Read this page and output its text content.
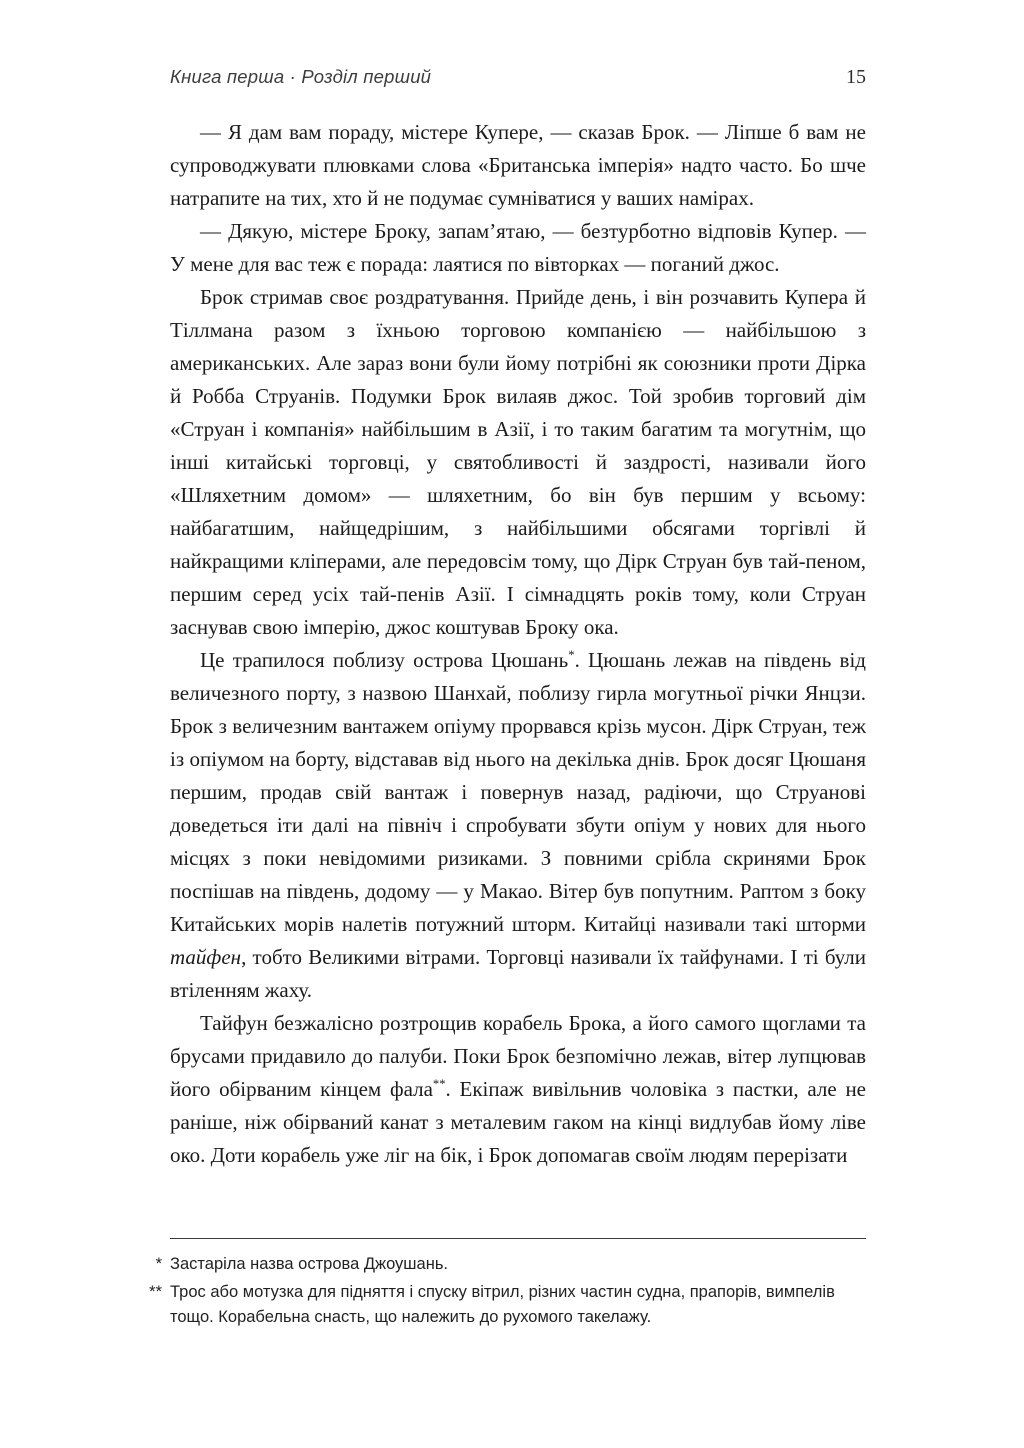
Книга перша · Розділ перший	15

— Я дам вам пораду, містере Купере, — сказав Брок. — Ліпше б вам не супроводжувати плювками слова «Британська імперія» надто часто. Бо шче натрапите на тих, хто й не подумає сумніватися у ваших намірах.

— Дякую, містере Броку, запам’ятаю, — безтурботно відповів Купер. — У мене для вас теж є порада: лаятися по вівторках — поганий джос.

Брок стримав своє роздратування. Прийде день, і він розчавить Купера й Тіллмана разом з їхньою торговою компанією — найбільшою з американських. Але зараз вони були йому потрібні як союзники проти Дірка й Робба Струанів. Подумки Брок вилаяв джос. Той зробив торговий дім «Струан і компанія» найбільшим в Азії, і то таким багатим та могутнім, що інші китайські торговці, у святобливості й заздрості, називали його «Шляхетним домом» — шляхетним, бо він був першим у всьому: найбагатшим, найщедрішим, з найбільшими обсягами торгівлі й найкращими кліперами, але передовсім тому, що Дірк Струан був тай-пеном, першим серед усіх тай-пенів Азії. І сімнадцять років тому, коли Струан заснував свою імперію, джос коштував Броку ока.

Це трапилося поблизу острова Цюшань*. Цюшань лежав на південь від величезного порту, з назвою Шанхай, поблизу гирла могутньої річки Янцзи. Брок з величезним вантажем опіуму прорвався крізь мусон. Дірк Струан, теж із опіумом на борту, відставав від нього на декілька днів. Брок досяг Цюшаня першим, продав свій вантаж і повернув назад, радіючи, що Струанові доведеться іти далі на північ і спробувати збути опіум у нових для нього місцях з поки невідомими ризиками. З повними срібла скринями Брок поспішав на південь, додому — у Макао. Вітер був попутним. Раптом з боку Китайських морів налетів потужний шторм. Китайці називали такі шторми тайфен, тобто Великими вітрами. Торговці називали їх тайфунами. І ті були втіленням жаху.

Тайфун безжалісно розтрощив корабель Брока, а його самого щоглами та брусами придавило до палуби. Поки Брок безпомічно лежав, вітер лупцював його обірваним кінцем фала**. Екіпаж вивільнив чоловіка з пастки, але не раніше, ніж обірваний канат з металевим гаком на кінці видлубав йому ліве око. Доти корабель уже ліг на бік, і Брок допомагав своїм людям перерізати

* Застаріла назва острова Джоушань.
** Трос або мотузка для підняття і спуску вітрил, різних частин судна, прапорів, вимпелів тощо. Корабельна снасть, що належить до рухомого такелажу.
